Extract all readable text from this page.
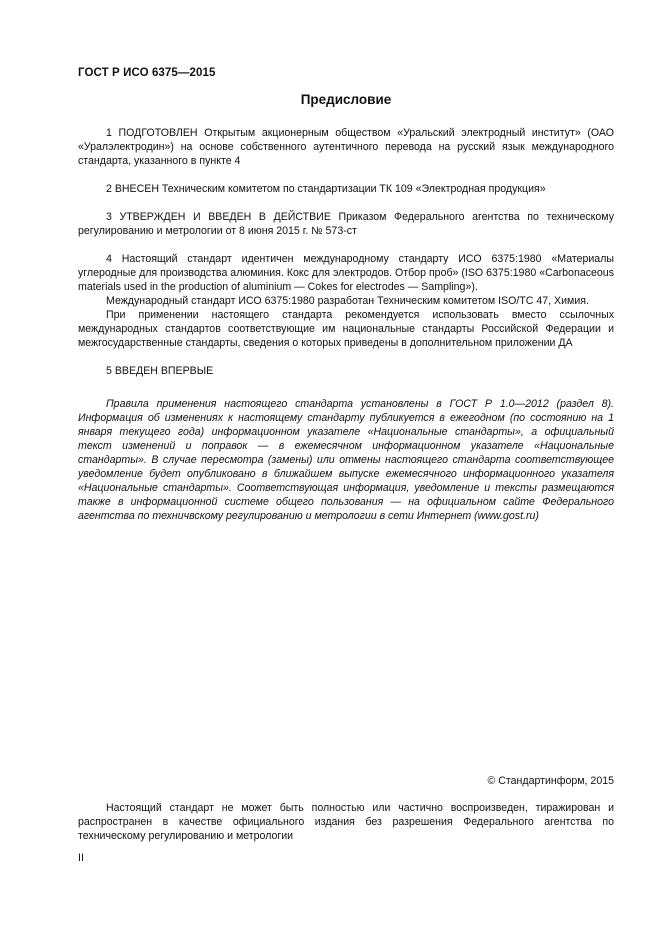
ГОСТ Р ИСО 6375—2015
Предисловие

1 ПОДГОТОВЛЕН Открытым акционерным обществом «Уральский электродный институт» (ОАО «Уралэлектродин») на основе собственного аутентичного перевода на русский язык международного стандарта, указанного в пункте 4

2 ВНЕСЕН Техническим комитетом по стандартизации ТК 109 «Электродная продукция»

3 УТВЕРЖДЕН И ВВЕДЕН В ДЕЙСТВИЕ Приказом Федерального агентства по техническому регулированию и метрологии от 8 июня 2015 г. № 573-ст

4 Настоящий стандарт идентичен международному стандарту ИСО 6375:1980 «Материалы углеродные для производства алюминия. Кокс для электродов. Отбор проб» (ISO 6375:1980 «Carbonaceous materials used in the production of aluminium — Cokes for electrodes — Sampling»).

Международный стандарт ИСО 6375:1980 разработан Техническим комитетом ISO/TC 47, Химия.

При применении настоящего стандарта рекомендуется использовать вместо ссылочных международных стандартов соответствующие им национальные стандарты Российской Федерации и межгосударственные стандарты, сведения о которых приведены в дополнительном приложении ДА

5 ВВЕДЕН ВПЕРВЫЕ

Правила применения настоящего стандарта установлены в ГОСТ Р 1.0—2012 (раздел 8). Информация об изменениях к настоящему стандарту публикуется в ежегодном (по состоянию на 1 января текущего года) информационном указателе «Национальные стандарты», а официальный текст изменений и поправок — в ежемесячном информационном указателе «Национальные стандарты». В случае пересмотра (замены) или отмены настоящего стандарта соответствующее уведомление будет опубликовано в ближайшем выпуске ежемесячного информационного указателя «Национальные стандарты». Соответствующая информация, уведомление и тексты размещаются также в информационной системе общего пользования — на официальном сайте Федерального агентства по техничвскому регулированию и метрологии в сети Интернет (www.gost.ru)

© Стандартинформ, 2015

Настоящий стандарт не может быть полностью или частично воспроизведен, тиражирован и распространен в качестве официального издания без разрешения Федерального агентства по техническому регулированию и метрологии

II
